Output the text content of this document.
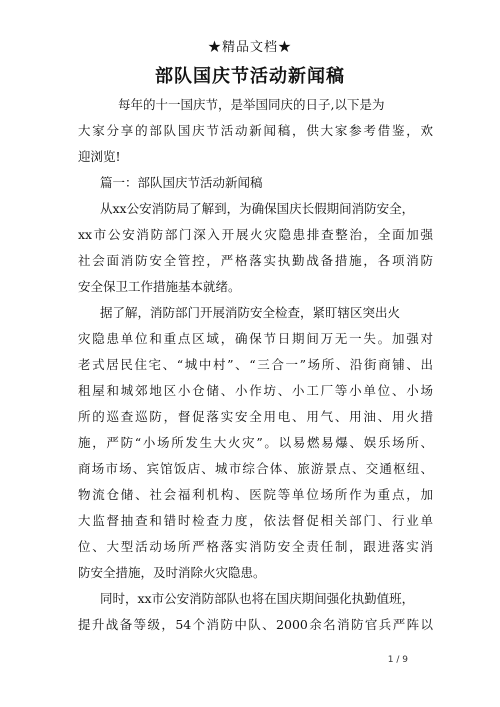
★精品文档★
部队国庆节活动新闻稿
每年的十一国庆节，是举国同庆的日子,以下是为
大家分享的部队国庆节活动新闻稿，供大家参考借鉴，欢
迎浏览!
篇一：部队国庆节活动新闻稿
从xx公安消防局了解到，为确保国庆长假期间消防安全，
xx市公安消防部门深入开展火灾隐患排查整治，全面加强
社会面消防安全管控，严格落实执勤战备措施，各项消防
安全保卫工作措施基本就绪。
据了解，消防部门开展消防安全检查，紧盯辖区突出火
灾隐患单位和重点区域，确保节日期间万无一失。加强对
老式居民住宅、“城中村”、“三合一”场所、沿街商铺、出
租屋和城郊地区小仓储、小作坊、小工厂等小单位、小场
所的巡查巡防，督促落实安全用电、用气、用油、用火措
施，严防“小场所发生大火灾”。以易燃易爆、娱乐场所、
商场市场、宾馆饭店、城市综合体、旅游景点、交通枢纽、
物流仓储、社会福利机构、医院等单位场所作为重点，加
大监督抽查和错时检查力度，依法督促相关部门、行业单
位、大型活动场所严格落实消防安全责任制，跟进落实消
防安全措施，及时消除火灾隐患。
同时，xx市公安消防部队也将在国庆期间强化执勤值班，
提升战备等级，54个消防中队、2000余名消防官兵严阵以
1 / 9
